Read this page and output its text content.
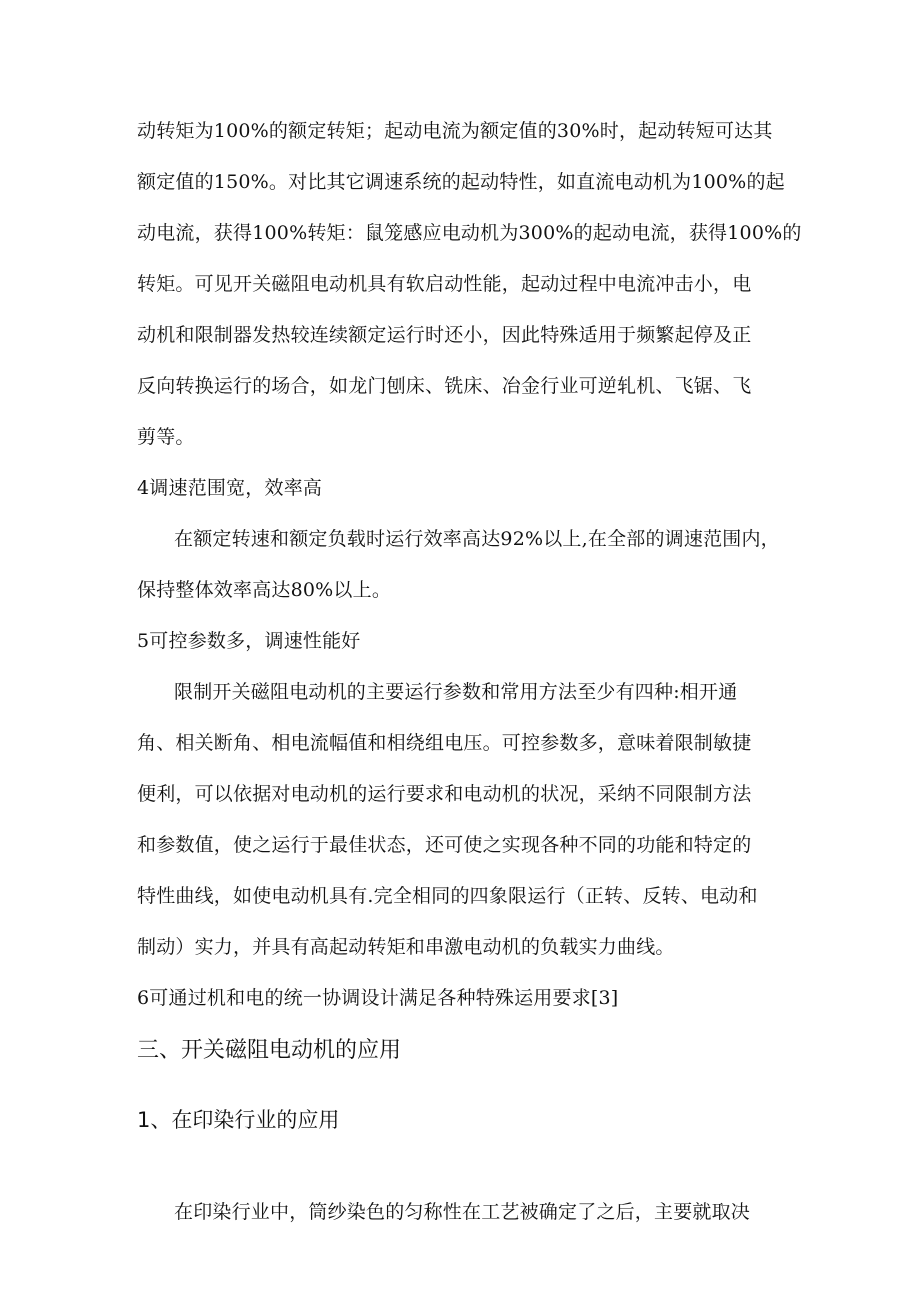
动转矩为100%的额定转矩；起动电流为额定值的30%时，起动转短可达其
额定值的150%。对比其它调速系统的起动特性，如直流电动机为100%的起
动电流，获得100%转矩：鼠笼感应电动机为300%的起动电流，获得100%的
转矩。可见开关磁阻电动机具有软启动性能，起动过程中电流冲击小，电
动机和限制器发热较连续额定运行时还小，因此特殊适用于频繁起停及正
反向转换运行的场合，如龙门刨床、铣床、冶金行业可逆轧机、飞锯、飞
剪等。
4调速范围宽，效率高
在额定转速和额定负载时运行效率高达92%以上,在全部的调速范围内，
保持整体效率高达80%以上。
5可控参数多，调速性能好
限制开关磁阻电动机的主要运行参数和常用方法至少有四种:相开通
角、相关断角、相电流幅值和相绕组电压。可控参数多，意味着限制敏捷
便利，可以依据对电动机的运行要求和电动机的状况，采纳不同限制方法
和参数值，使之运行于最佳状态，还可使之实现各种不同的功能和特定的
特性曲线，如使电动机具有.完全相同的四象限运行（正转、反转、电动和
制动）实力，并具有高起动转矩和串激电动机的负载实力曲线。
6可通过机和电的统一协调设计满足各种特殊运用要求[3]
三、开关磁阻电动机的应用
1、在印染行业的应用
在印染行业中，筒纱染色的匀称性在工艺被确定了之后，主要就取决
